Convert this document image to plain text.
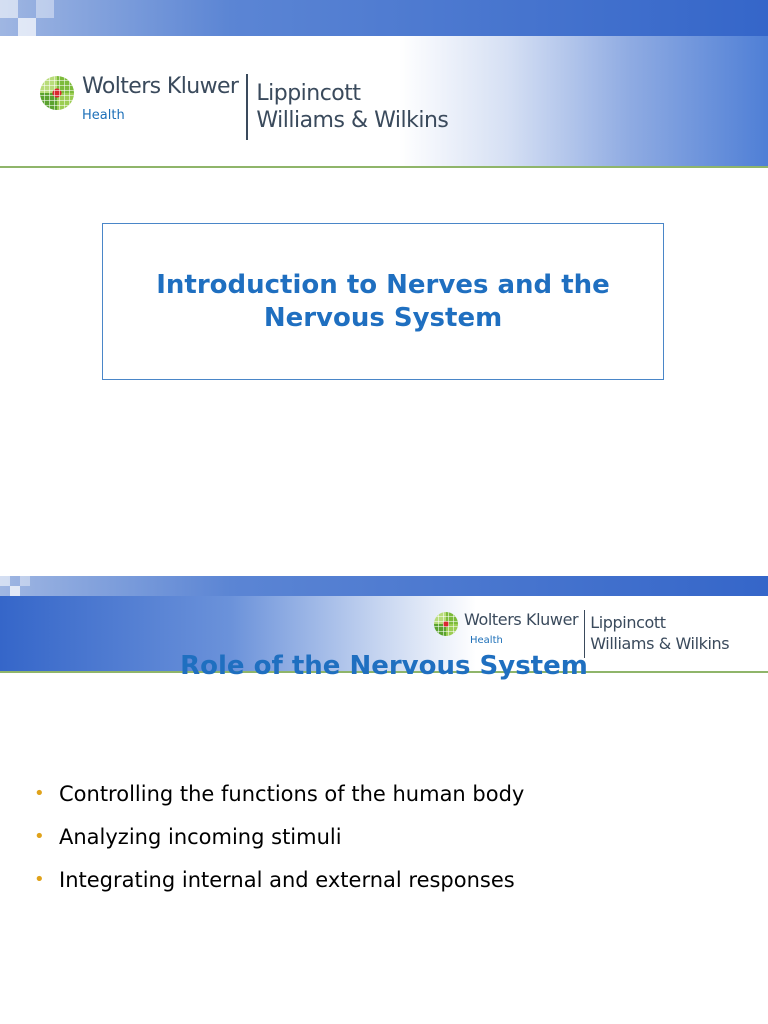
Wolters Kluwer
Health
Lippincott
Williams & Wilkins
Introduction to Nerves and the Nervous System
Wolters Kluwer
Health
Lippincott
Williams & Wilkins
Role of the Nervous System
• Controlling the functions of the human body
• Analyzing incoming stimuli
• Integrating internal and external responses
